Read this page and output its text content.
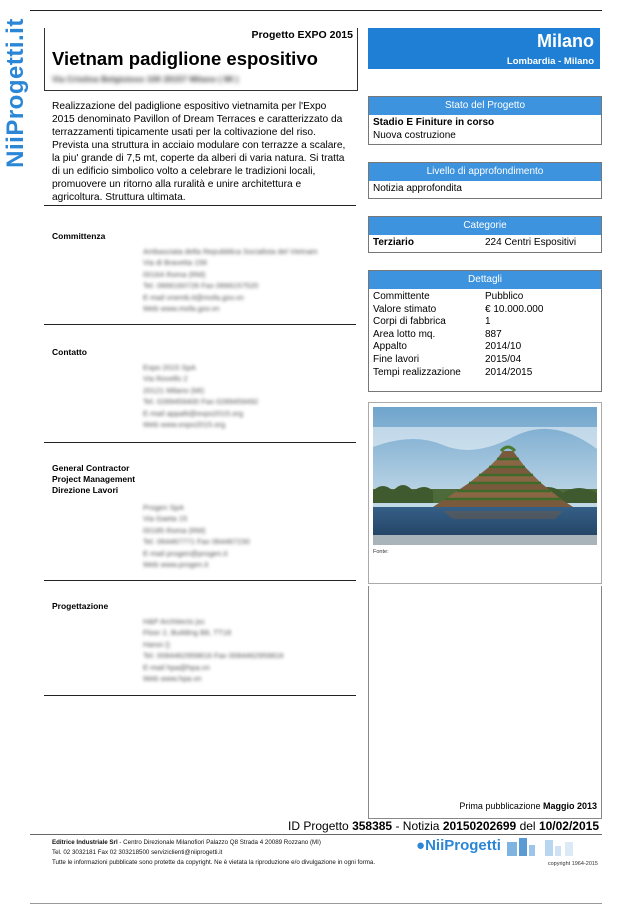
NiiProgetti.it	Progetto EXPO 2015
Vietnam padiglione espositivo
Via Cristina Belgioioso 100 20157 Milano ( MI )
Realizzazione del padiglione espositivo vietnamita per l'Expo 2015 denominato Pavillon of Dream Terraces e caratterizzato da terrazzamenti tipicamente usati per la coltivazione del riso. Prevista una struttura in acciaio modulare con terrazze a scalare, la piu' grande di 7,5 mt, coperte da alberi di varia natura. Si tratta di un edificio simbolico volto a celebrare le tradizioni locali, promuovere un ritorno alla ruralità e unire architettura e agricoltura. Struttura ultimata.
Committenza
Ambasciata della Repubblica Socialista del Vietnam
Via di Bravetta 156
00164 Roma (RM)
Tel. 0666160726 Fax 0666157520
E-mail vnemb.it@mofa.gov.vn
Web www.mofa.gov.vn
Contatto
Expo 2015 SpA
Via Rovello 2
20121 Milano (MI)
Tel. 0289459400 Fax 0289459492
E-mail appalti@expo2015.org
Web www.expo2015.org
General Contractor
Project Management
Direzione Lavori
Progen SpA
Via Gaeta 15
00185 Roma (RM)
Tel. 064467771 Fax 064467230
E-mail progen@progen.it
Web www.progen.it
Progettazione
H&P Architects jsc
Floor 2, Building B8, TT18
Hanoi ()
Tel. 0084462959816 Fax 0084462959816
E-mail hpa@hpa.vn
Web www.hpa.vn
Milano
Lombardia - Milano
Stato del Progetto
Stadio E Finiture in corso
Nuova costruzione
Livello di approfondimento
Notizia approfondita
Categorie
Terziario	224 Centri Espositivi
Dettagli
Committente	Pubblico
Valore stimato	€ 10.000.000
Corpi di fabbrica	1
Area lotto mq.	887
Appalto	2014/10
Fine lavori	2015/04
Tempi realizzazione	2014/2015
Fonte:
Prima pubblicazione Maggio 2013
ID Progetto 358385 - Notizia 20150202699 del 10/02/2015
Editrice Industriale Srl - Centro Direzionale Milanofiori Palazzo Q8 Strada 4 20089 Rozzano (MI)
Tel. 02 3032181 Fax 02 303218500 serviziclienti@niiprogetti.it
Tutte le informazioni pubblicate sono protette da copyright. Ne è vietata la riproduzione e/o divulgazione in ogni forma.
●NiiProgetti
copyright 1964-2015
